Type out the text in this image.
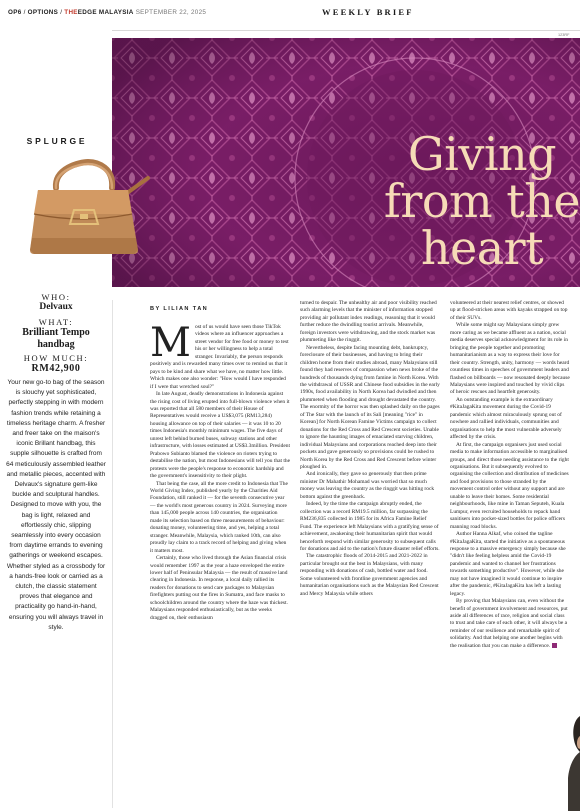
OP6 / OPTIONS / THEEDGE MALAYSIA SEPTEMBER 22, 2025	WEEKLY BRIEF
123RF
Giving
from the
heart
SPLURGE
WHO:
Delvaux
WHAT:
Brilliant Tempo
handbag
HOW MUCH:
RM42,900
Your new go-to bag of the season is slouchy yet sophisticated, perfectly stepping in with modern fashion trends while retaining a timeless heritage charm. A fresher and freer take on the maison's iconic Brillant handbag, this supple silhouette is crafted from 64 meticulously assembled leather and metallic pieces, accented with Delvaux's signature gem-like buckle and sculptural handles. Designed to move with you, the bag is light, relaxed and effortlessly chic, slipping seamlessly into every occasion from daytime errands to evening gatherings or weekend escapes. Whether styled as a crossbody for a hands-free look or carried as a clutch, the classic statement proves that elegance and practicality go hand-in-hand, ensuring you will always travel in style.
BY LILIAN TAN
M ost of us would have seen those TikTok videos where an influencer approaches a street vendor for free food or money to test his or her willingness to help a total stranger. Invariably, the person responds positively and is rewarded many times over to remind us that it pays to be kind and share what we have, no matter how little. Which makes one also wonder: "How would I have responded if I were that wretched soul?"

In late August, deadly demonstrations in Indonesia against the rising cost of living erupted into full-blown violence when it was reported that all 580 members of their House of Representatives would receive a US$3,075 (RM13,284) housing allowance on top of their salaries — it was 10 to 20 times Indonesia's monthly minimum wages. The five days of unrest left behind burned buses, subway stations and other infrastructure, with losses estimated at US$3.3million. President Prabowo Subianto blamed the violence on rioters trying to destabilise the nation, but most Indonesians will tell you that the protests were the people's response to economic hardship and the government's insensitivity to their plight.

That being the case, all the more credit to Indonesia that The World Giving Index, published yearly by the Charities Aid Foundation, still ranked it — for the seventh consecutive year — the world's most generous country in 2024. Surveying more than 145,000 people across 140 countries, the organisation made its selection based on three measurements of behaviour: donating money, volunteering time, and yes, helping a total stranger. Meanwhile, Malaysia, which ranked 10th, can also proudly lay claim to a track record of helping and giving when it matters most.

Certainly, those who lived through the Asian financial crisis would remember 1997 as the year a haze enveloped the entire lower half of Peninsular Malaysia — the result of massive land clearing in Indonesia. In response, a local daily rallied its readers for donations to send care packages to Malaysian firefighters putting out the fires in Sumatra, and face masks to schoolchildren around the country where the haze was thickest. Malaysians responded enthusiastically, but as the weeks dragged on, their enthusiasm

turned to despair. The unhealthy air and poor visibility reached such alarming levels that the minister of information stopped providing air pollutant index readings, reasoning that it would further reduce the dwindling tourist arrivals. Meanwhile, foreign investors were withdrawing, and the stock market was plummeting like the ringgit.

Nevertheless, despite facing mounting debt, bankruptcy, foreclosure of their businesses, and having to bring their children home from their studies abroad, many Malaysians still found they had reserves of compassion when news broke of the hundreds of thousands dying from famine in North Korea. With the withdrawal of USSR and Chinese food subsidies in the early 1990s, food availability in North Korea had dwindled and then plummeted when flooding and drought devastated the country. The enormity of the horror was then splashed daily on the pages of The Star with the launch of its Sali [meaning "rice" in Korean] for North Korean Famine Victims campaign to collect donations for the Red Cross and Red Crescent societies. Unable to ignore the haunting images of emaciated starving children, individual Malaysians and corporations reached deep into their pockets and gave generously so provisions could be rushed to North Korea by the Red Cross and Red Crescent before winter ploughed in.

And ironically, they gave so generously that then prime minister Dr Mahathir Mohamad was worried that so much money was leaving the country as the ringgit was hitting rock bottom against the greenback.

Indeed, by the time the campaign abruptly ended, the collection was a record RM19.5 million, far surpassing the RM236,835 collected in 1985 for its Africa Famine Relief Fund. The experience left Malaysians with a gratifying sense of achievement, awakening their humanitarian spirit that would henceforth respond with similar generosity to subsequent calls for donations and aid to the nation's future disaster relief efforts.

The catastrophic floods of 2014-2015 and 2021-2022 in particular brought out the best in Malaysians, with many responding with donations of cash, bottled water and food. Some volunteered with frontline government agencies and humanitarian organisations such as the Malaysian Red Crescent and Mercy Malaysia while others

volunteered at their nearest relief centres, or showed up at flood-stricken areas with kayaks strapped on top of their SUVs.

While some might say Malaysians simply grew more caring as we became affluent as a nation, social media deserves special acknowledgment for its role in bringing the people together and promoting humanitarianism as a way to express their love for their country. Strength, unity, harmony — words heard countless times in speeches of government leaders and flashed on billboards — now resonated deeply because Malaysians were inspired and touched by vivid clips of heroic rescues and heartfelt generosity.

An outstanding example is the extraordinary #KitaJagaKita movement during the Covid-19 pandemic which almost miraculously sprung out of nowhere and rallied individuals, communities and organisations to help the most vulnerable adversely affected by the crisis.

At first, the campaign organisers just used social media to make information accessible to marginalised groups, and direct those needing assistance to the right organisations. But it subsequently evolved to organising the collection and distribution of medicines and food provisions to those stranded by the movement control order without any support and are unable to leave their homes. Some residential neighbourhoods, like mine in Taman Seputeh, Kuala Lumpur, even recruited households to repack hand sanitisers into pocket-sized bottles for police officers manning road blocks.

Author Hanna Alkaf, who coined the tagline #KitaJagaKita, started the initiative as a spontaneous response to a massive emergency simply because she "didn't like feeling helpless amid the Covid-19 pandemic and wanted to channel her frustrations towards something productive". However, while she may not have imagined it would continue to inspire after the pandemic, #KitaJagaKita has left a lasting legacy.

By proving that Malaysians can, even without the benefit of government involvement and resources, put aside all differences of race, religion and social class to trust and take care of each other, it will always be a reminder of our resilience and remarkable spirit of solidarity. And that helping one another begins with the realisation that you can make a difference.
